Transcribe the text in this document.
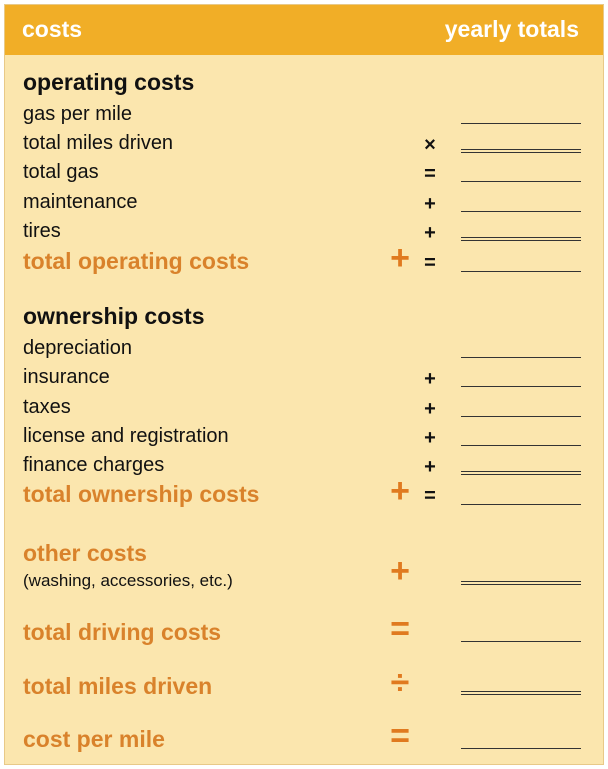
costs	yearly totals
operating costs
gas per mile
total miles driven	×
total gas	=
maintenance	+
tires	+
total operating costs	+ =
ownership costs
depreciation
insurance	+
taxes	+
license and registration	+
finance charges	+
total ownership costs	+ =
other costs
(washing, accessories, etc.)	+
total driving costs	=
total miles driven	÷
cost per mile	=
